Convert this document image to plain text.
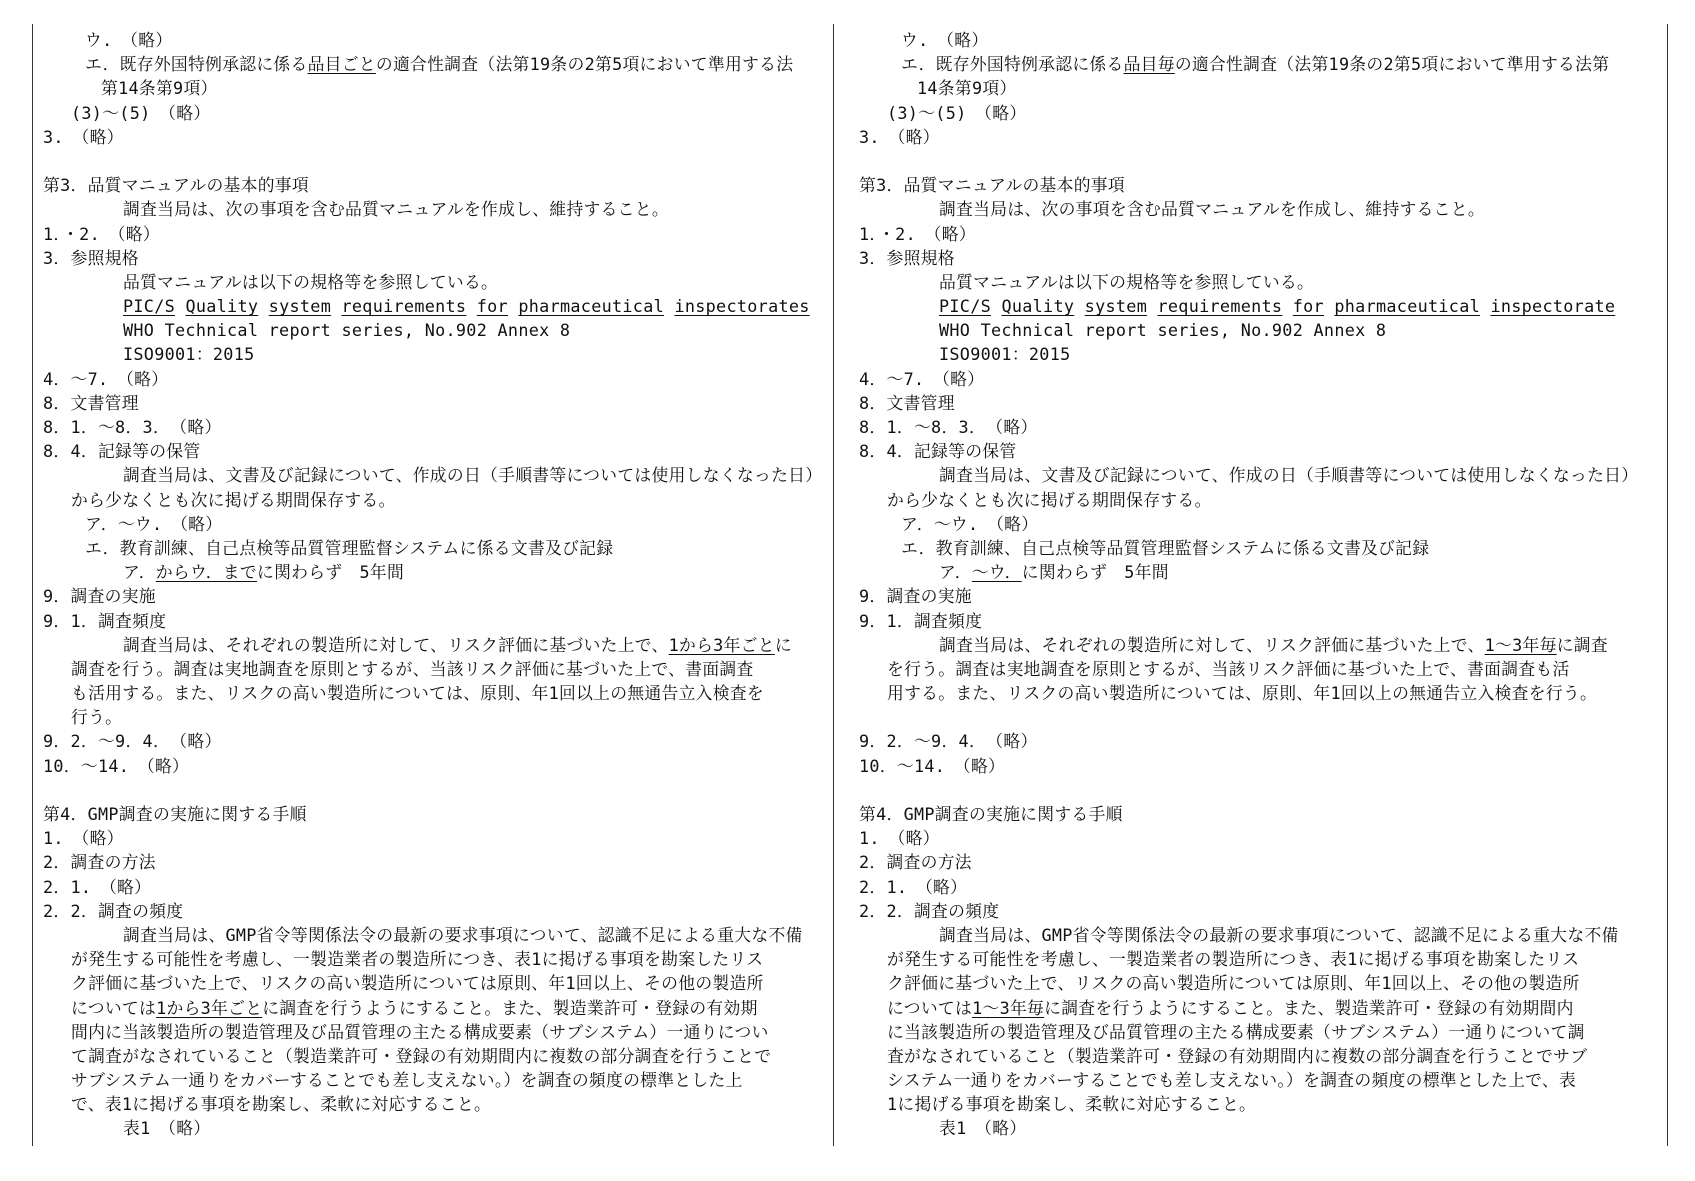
ウ.　（略）
エ．既存外国特例承認に係る品目ごとの適合性調査（法第19条の2第5項において準用する法
第14条第9項）
(3)～(5)　（略）
3.　（略）
第3．品質マニュアルの基本的事項
調査当局は、次の事項を含む品質マニュアルを作成し、維持すること。
1．・2.　（略）
3．参照規格
品質マニュアルは以下の規格等を参照している。
PIC/S Quality system requirements for pharmaceutical inspectorates
WHO Technical report series, No.902 Annex 8
ISO9001：2015
4．～7.　（略）
8．文書管理
8．1．～8．3．　（略）
8．4．記録等の保管
調査当局は、文書及び記録について、作成の日（手順書等については使用しなくなった日）
から少なくとも次に掲げる期間保存する。
ア．～ウ.　（略）
エ．教育訓練、自己点検等品質管理監督システムに係る文書及び記録
ア．からウ．までに関わらず　5年間
9．調査の実施
9．1．調査頻度
調査当局は、それぞれの製造所に対して、リスク評価に基づいた上で、1から3年ごとに
調査を行う。調査は実地調査を原則とするが、当該リスク評価に基づいた上で、書面調査
も活用する。また、リスクの高い製造所については、原則、年1回以上の無通告立入検査を
行う。
9．2．～9．4．　（略）
10．～14.　（略）
第4．GMP調査の実施に関する手順
1.　（略）
2．調査の方法
2．1.　（略）
2．2．調査の頻度
調査当局は、GMP省令等関係法令の最新の要求事項について、認識不足による重大な不備
が発生する可能性を考慮し、一製造業者の製造所につき、表1に掲げる事項を勘案したリス
ク評価に基づいた上で、リスクの高い製造所については原則、年1回以上、その他の製造所
については1から3年ごとに調査を行うようにすること。また、製造業許可・登録の有効期
間内に当該製造所の製造管理及び品質管理の主たる構成要素（サブシステム）一通りについ
て調査がなされていること（製造業許可・登録の有効期間内に複数の部分調査を行うことで
サブシステム一通りをカバーすることでも差し支えない。）を調査の頻度の標準とした上
で、表1に掲げる事項を勘案し、柔軟に対応すること。
表1　（略）
ウ.　（略）
エ．既存外国特例承認に係る品目毎の適合性調査（法第19条の2第5項において準用する法第
14条第9項）
(3)～(5)　（略）
3.　（略）
第3．品質マニュアルの基本的事項
調査当局は、次の事項を含む品質マニュアルを作成し、維持すること。
1．・2.　（略）
3．参照規格
品質マニュアルは以下の規格等を参照している。
PIC/S Quality system requirements for pharmaceutical inspectorate
WHO Technical report series, No.902 Annex 8
ISO9001：2015
4．～7.　（略）
8．文書管理
8．1．～8．3．　（略）
8．4．記録等の保管
調査当局は、文書及び記録について、作成の日（手順書等については使用しなくなった日）
から少なくとも次に掲げる期間保存する。
ア．～ウ.　（略）
エ．教育訓練、自己点検等品質管理監督システムに係る文書及び記録
ア．～ウ．に関わらず　5年間
9．調査の実施
9．1．調査頻度
調査当局は、それぞれの製造所に対して、リスク評価に基づいた上で、1～3年毎に調査
を行う。調査は実地調査を原則とするが、当該リスク評価に基づいた上で、書面調査も活
用する。また、リスクの高い製造所については、原則、年1回以上の無通告立入検査を行う。
9．2．～9．4．　（略）
10．～14.　（略）
第4．GMP調査の実施に関する手順
1.　（略）
2．調査の方法
2．1.　（略）
2．2．調査の頻度
調査当局は、GMP省令等関係法令の最新の要求事項について、認識不足による重大な不備
が発生する可能性を考慮し、一製造業者の製造所につき、表1に掲げる事項を勘案したリス
ク評価に基づいた上で、リスクの高い製造所については原則、年1回以上、その他の製造所
については1～3年毎に調査を行うようにすること。また、製造業許可・登録の有効期間内
に当該製造所の製造管理及び品質管理の主たる構成要素（サブシステム）一通りについて調
査がなされていること（製造業許可・登録の有効期間内に複数の部分調査を行うことでサブ
システム一通りをカバーすることでも差し支えない。）を調査の頻度の標準とした上で、表
1に掲げる事項を勘案し、柔軟に対応すること。
表1　（略）
